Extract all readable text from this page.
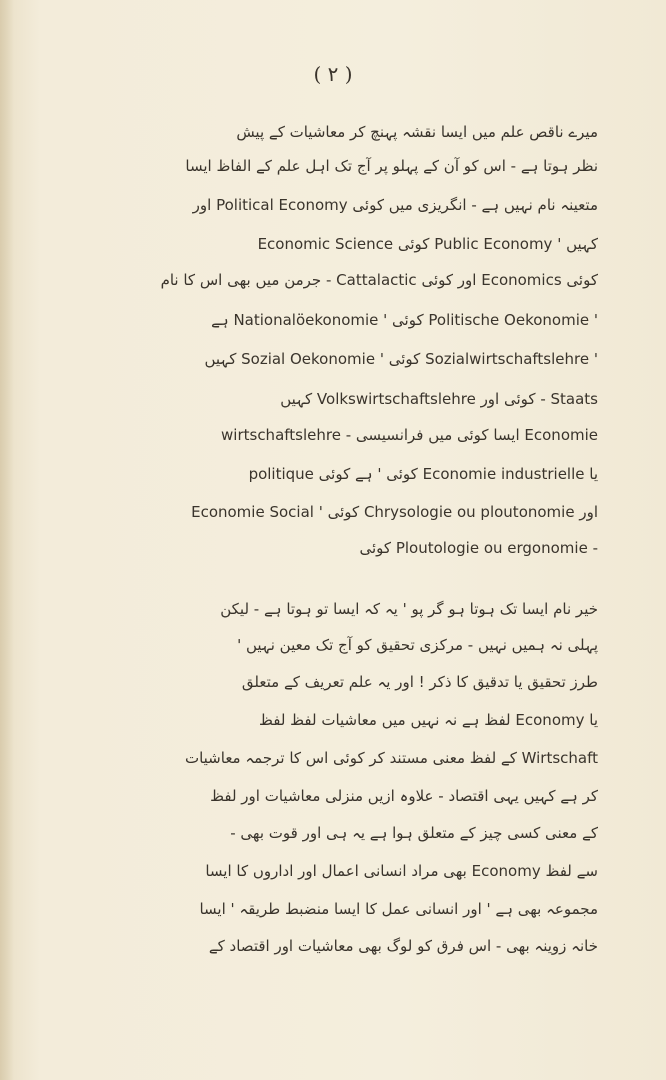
( ۲ )
میرے ناقص علم میں ایسا نقشہ پہنچ کر معاشیات کے پیش
نظر ہوتا ہے - اس کو آن کے پہلو پر آج تک اہل علم کے الفاظ ایسا
متعینہ نام نہیں ہے - انگریزی میں کوئی Political Economy اور
کہیں ' Public Economy کوئی Economic Science
کوئی Economics اور کوئی Cattalactic - جرمن میں بھی اس کا نام
' Politische Oekonomie کوئی ' Nationalöekonomie ہے
' Sozialwirtschaftslehre کوئی ' Sozial Oekonomie کہیں
Staats - کوئی اور Volkswirtschaftslehre کہیں
Economie ایسا کوئی میں فرانسیسی - wirtschaftslehre
یا Economie industrielle کوئی ' ہے کوئی politique
اور Chrysologie ou ploutonomie کوئی ' Economie Social
- Ploutologie ou ergonomie کوئی
خیر نام ایسا تک ہوتا ہو گر پو ' یہ کہ ایسا تو ہوتا ہے - لیکن
پہلی نہ ہمیں نہیں - مرکزی تحقیق کو آج تک معین نہیں '
طرز تحقیق یا تدقیق کا ذکر ! اور یہ علم تعریف کے متعلق
یا Economy لفظ ہے نہ نہیں میں معاشیات لفظ لفظ
Wirtschaft کے لفظ معنی مستند کر کوئی اس کا ترجمہ معاشیات
کر ہے کہیں یہی اقتصاد - علاوہ ازیں منزلی معاشیات اور لفظ
کے معنی کسی چیز کے متعلق ہوا ہے یہ ہی اور قوت بھی -
سے لفظ Economy بھی مراد انسانی اعمال اور اداروں کا ایسا
مجموعہ بھی ہے ' اور انسانی عمل کا ایسا منضبط طریقہ ' ایسا
خانہ زوینہ بھی - اس فرق کو لوگ بھی معاشیات اور اقتصاد کے
